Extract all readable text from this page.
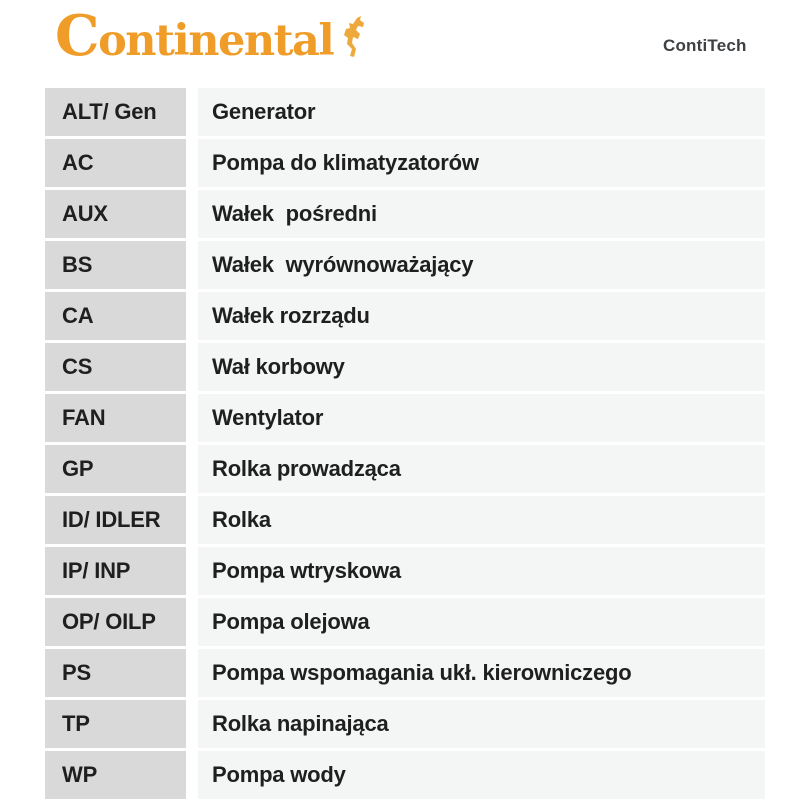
Continental	ContiTech
ALT/ Gen	Generator
AC	Pompa do klimatyzatorów
AUX	Wałek  pośredni
BS	Wałek  wyrównoważający
CA	Wałek rozrządu
CS	Wał korbowy
FAN	Wentylator
GP	Rolka prowadząca
ID/ IDLER	Rolka
IP/ INP	Pompa wtryskowa
OP/ OILP	Pompa olejowa
PS	Pompa wspomagania ukł. kierowniczego
TP	Rolka napinająca
WP	Pompa wody
